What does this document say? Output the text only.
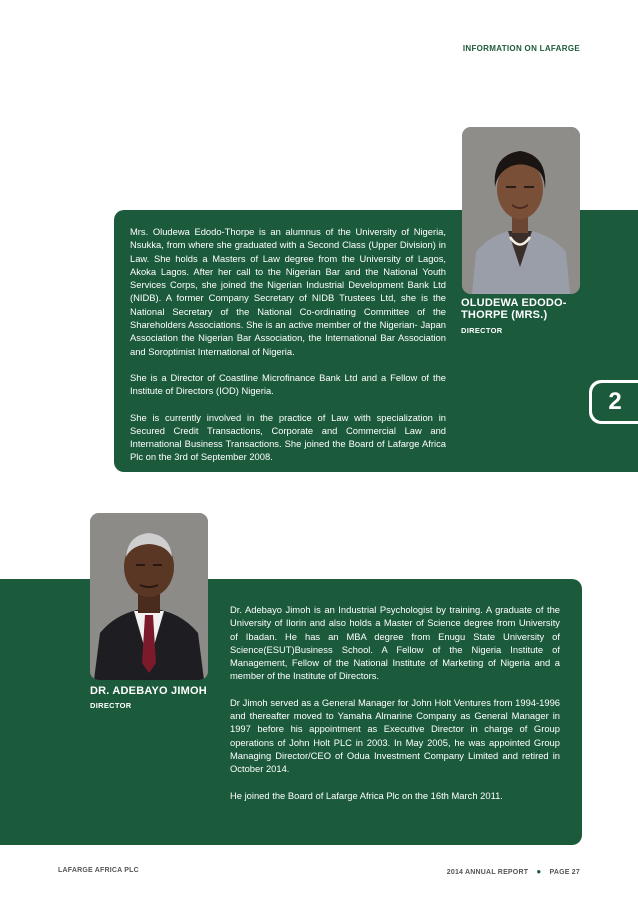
INFORMATION ON LAFARGE

Mrs. Oludewa Edodo-Thorpe is an alumnus of the University of Nigeria, Nsukka, from where she graduated with a Second Class (Upper Division) in Law. She holds a Masters of Law degree from the University of Lagos, Akoka Lagos. After her call to the Nigerian Bar and the National Youth Services Corps, she joined the Nigerian Industrial Development Bank Ltd (NIDB). A former Company Secretary of NIDB Trustees Ltd, she is the National Secretary of the National Co-ordinating Committee of the Shareholders Associations. She is an active member of the Nigerian- Japan Association the Nigerian Bar Association, the International Bar Association and Soroptimist International of Nigeria.

She is a Director of Coastline Microfinance Bank Ltd and a Fellow of the Institute of Directors (IOD) Nigeria.

She is currently involved in the practice of Law with specialization in Secured Credit Transactions, Corporate and Commercial Law and International Business Transactions. She joined the Board of Lafarge Africa Plc on the 3rd of September 2008.

OLUDEWA EDODO-
THORPE (MRS.)
DIRECTOR
2
DR. ADEBAYO JIMOH
DIRECTOR

Dr. Adebayo Jimoh is an Industrial Psychologist by training. A graduate of the University of Ilorin and also holds a Master of Science degree from University of Ibadan. He has an MBA degree from Enugu State University of Science(ESUT)Business School. A Fellow of the Nigeria Institute of Management, Fellow of the National Institute of Marketing of Nigeria and a member of the Institute of Directors.

Dr Jimoh served as a General Manager for John Holt Ventures from 1994-1996 and thereafter moved to Yamaha Almarine Company as General Manager in 1997 before his appointment as Executive Director in charge of Group operations of John Holt PLC in 2003. In May 2005, he was appointed Group Managing Director/CEO of Odua Investment Company Limited and retired in October 2014.

He joined the Board of Lafarge Africa Plc on the 16th March 2011.

LAFARGE AFRICA PLC	2014 ANNUAL REPORT ● PAGE 27
